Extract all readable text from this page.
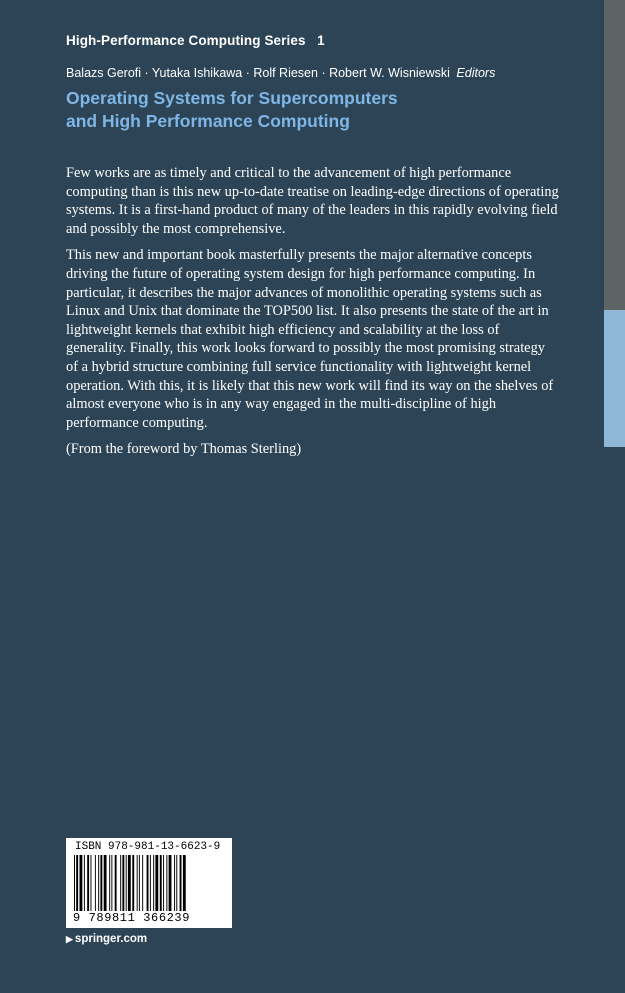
High-Performance Computing Series   1
Balazs Gerofi · Yutaka Ishikawa · Rolf Riesen · Robert W. Wisniewski Editors
Operating Systems for Supercomputers
and High Performance Computing

Few works are as timely and critical to the advancement of high performance computing than is this new up-to-date treatise on leading-edge directions of operating systems. It is a first-hand product of many of the leaders in this rapidly evolving field and possibly the most comprehensive.

This new and important book masterfully presents the major alternative concepts driving the future of operating system design for high performance computing. In particular, it describes the major advances of monolithic operating systems such as Linux and Unix that dominate the TOP500 list. It also presents the state of the art in lightweight kernels that exhibit high efficiency and scalability at the loss of generality. Finally, this work looks forward to possibly the most promising strategy of a hybrid structure combining full service functionality with lightweight kernel operation. With this, it is likely that this new work will find its way on the shelves of almost everyone who is in any way engaged in the multi-discipline of high performance computing.

(From the foreword by Thomas Sterling)

ISBN 978-981-13-6623-9
9 789811 366239
▶ springer.com
